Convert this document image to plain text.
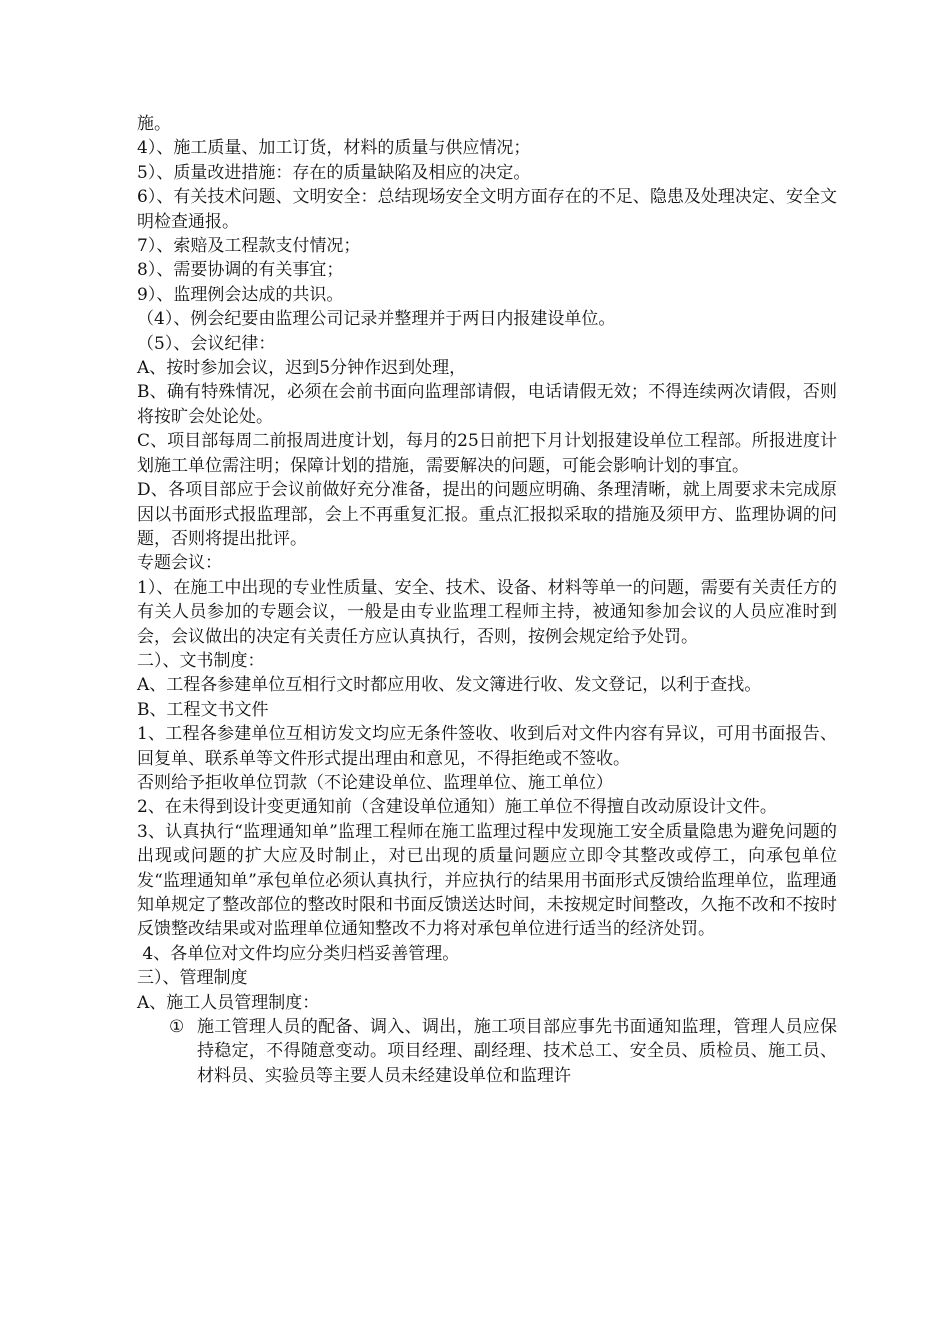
施。
4）、施工质量、加工订货，材料的质量与供应情况；
5）、质量改进措施：存在的质量缺陷及相应的决定。
6）、有关技术问题、文明安全：总结现场安全文明方面存在的不足、隐患及处理决定、安全文明检查通报。
7）、索赔及工程款支付情况；
8）、需要协调的有关事宜；
9）、监理例会达成的共识。
（4）、例会纪要由监理公司记录并整理并于两日内报建设单位。
（5）、会议纪律：
A、按时参加会议，迟到5分钟作迟到处理，
B、确有特殊情况，必须在会前书面向监理部请假，电话请假无效；不得连续两次请假，否则将按旷会处论处。
C、项目部每周二前报周进度计划，每月的25日前把下月计划报建设单位工程部。所报进度计划施工单位需注明；保障计划的措施，需要解决的问题，可能会影响计划的事宜。
D、各项目部应于会议前做好充分准备，提出的问题应明确、条理清晰，就上周要求未完成原因以书面形式报监理部，会上不再重复汇报。重点汇报拟采取的措施及须甲方、监理协调的问题，否则将提出批评。
专题会议：
1）、在施工中出现的专业性质量、安全、技术、设备、材料等单一的问题，需要有关责任方的有关人员参加的专题会议，一般是由专业监理工程师主持，被通知参加会议的人员应准时到会，会议做出的决定有关责任方应认真执行，否则，按例会规定给予处罚。
二）、文书制度：
A、工程各参建单位互相行文时都应用收、发文簿进行收、发文登记，以利于查找。
B、工程文书文件
1、工程各参建单位互相访发文均应无条件签收、收到后对文件内容有异议，可用书面报告、回复单、联系单等文件形式提出理由和意见，不得拒绝或不签收。
否则给予拒收单位罚款（不论建设单位、监理单位、施工单位）
2、在未得到设计变更通知前（含建设单位通知）施工单位不得擅自改动原设计文件。
3、认真执行“监理通知单”监理工程师在施工监理过程中发现施工安全质量隐患为避免问题的出现或问题的扩大应及时制止，对已出现的质量问题应立即令其整改或停工，向承包单位发“监理通知单”承包单位必须认真执行，并应执行的结果用书面形式反馈给监理单位，监理通知单规定了整改部位的整改时限和书面反馈送达时间，未按规定时间整改，久拖不改和不按时反馈整改结果或对监理单位通知整改不力将对承包单位进行适当的经济处罚。
4、各单位对文件均应分类归档妥善管理。
三）、管理制度
A、施工人员管理制度：
① 施工管理人员的配备、调入、调出，施工项目部应事先书面通知监理，管理人员应保持稳定，不得随意变动。项目经理、副经理、技术总工、安全员、质检员、施工员、材料员、实验员等主要人员未经建设单位和监理许
